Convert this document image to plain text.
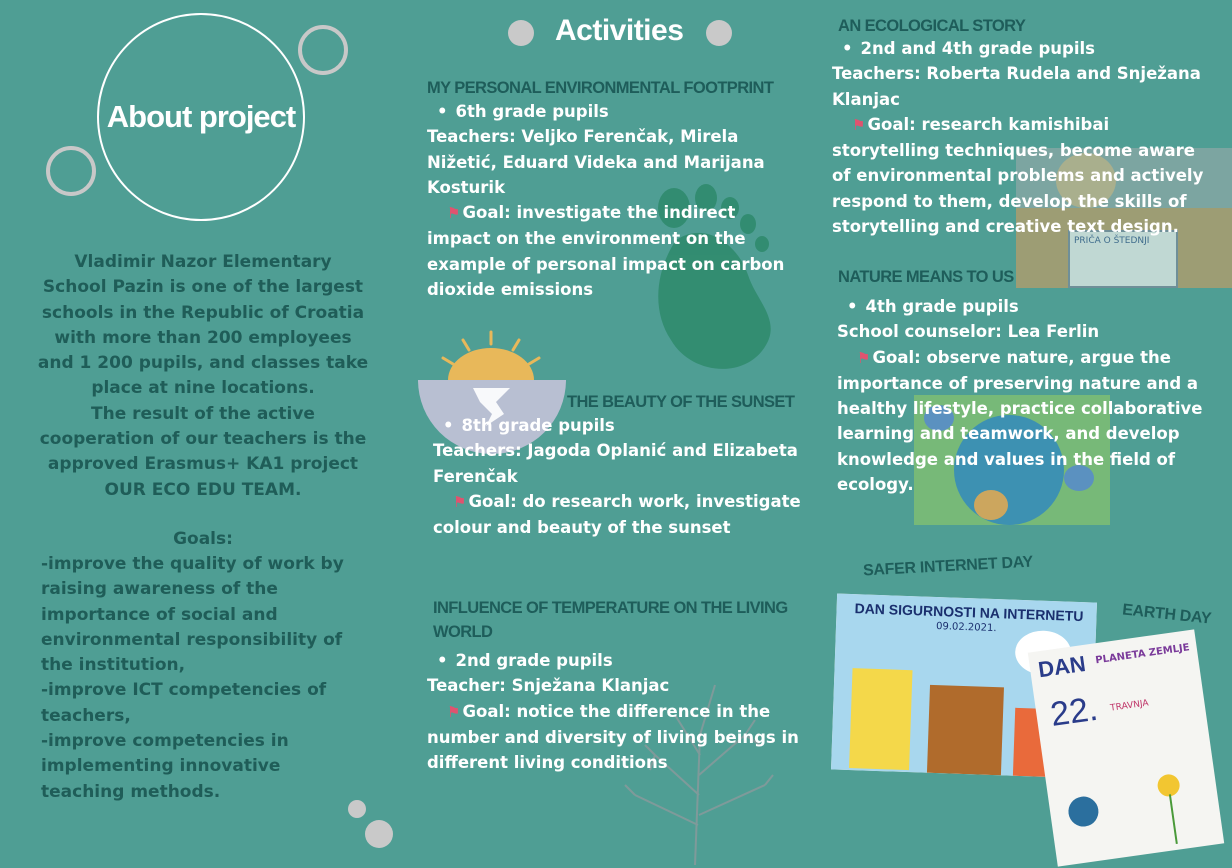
About project

Vladimir Nazor Elementary

School Pazin is one of the largest

schools in the Republic of Croatia

with more than 200 employees

and 1 200 pupils, and classes take

place at nine locations.

The result of the active

cooperation of our teachers is the

approved Erasmus+ KA1 project

OUR ECO EDU TEAM.

Goals:
-improve the quality of work by
raising awareness of the
importance of social and
environmental responsibility of
the institution,
-improve ICT competencies of
teachers,
-improve competencies in
implementing innovative
teaching methods.
Activities
MY PERSONAL ENVIRONMENTAL FOOTPRINT
• 6th grade pupils
Teachers: Veljko Ferenčak, Mirela
Nižetić, Eduard Videka and Marijana
Kosturik
⚑ Goal: investigate the indirect
impact on the environment on the
example of personal impact on carbon
dioxide emissions
THE BEAUTY OF THE SUNSET
• 8th grade pupils
Teachers: Jagoda Oplanić and Elizabeta
Ferenčak
⚑ Goal: do research work, investigate
colour and beauty of the sunset
INFLUENCE OF TEMPERATURE ON THE LIVING
WORLD
• 2nd grade pupils
Teacher: Snježana Klanjac
⚑ Goal: notice the difference in the
number and diversity of living beings in
different living conditions
PRIČA O ŠTEDNJI
AN ECOLOGICAL STORY
• 2nd and 4th grade pupils
Teachers: Roberta Rudela and Snježana
Klanjac
⚑ Goal: research kamishibai
storytelling techniques, become aware
of environmental problems and actively
respond to them, develop the skills of
storytelling and creative text design.
NATURE MEANS TO US
• 4th grade pupils
School counselor: Lea Ferlin
⚑ Goal: observe nature, argue the
importance of preserving nature and a
healthy lifestyle, practice collaborative
learning and teamwork, and develop
knowledge and values in the field of
ecology.
SAFER INTERNET DAY
EARTH DAY
DAN SIGURNOSTI NA INTERNETU
09.02.2021.
DAN PLANETA ZEMLJE
22. TRAVNJA
